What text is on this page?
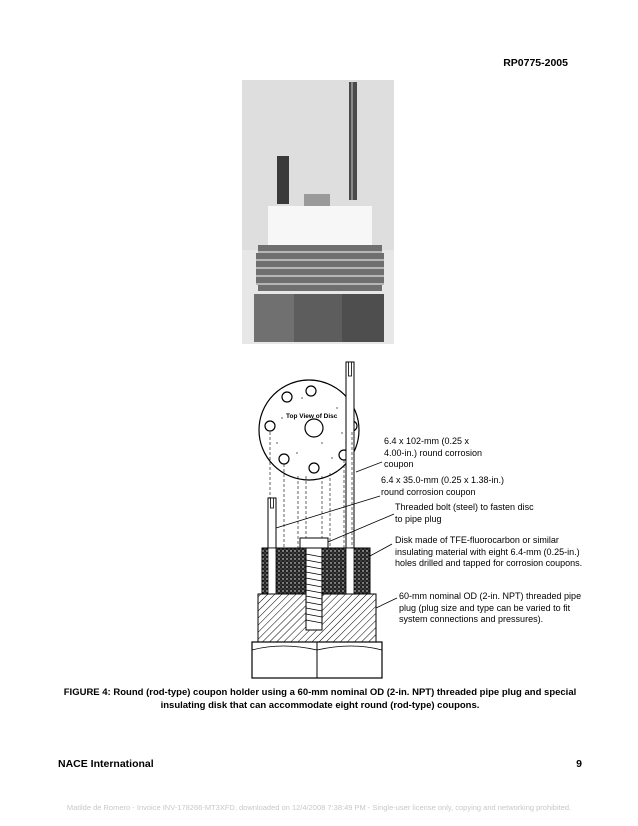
RP0775-2005
Top View of Disc
6.4 x 102-mm (0.25 x
4.00-in.) round corrosion
coupon
6.4 x 35.0-mm (0.25 x 1.38-in.)
round corrosion coupon
Threaded bolt (steel) to fasten disc
to pipe plug
Disk made of TFE-fluorocarbon or similar
insulating material with eight 6.4-mm (0.25-in.)
holes drilled and tapped for corrosion coupons.
60-mm nominal OD (2-in. NPT) threaded pipe
plug (plug size and type can be varied to fit
system connections and pressures).
FIGURE 4: Round (rod-type) coupon holder using a 60-mm nominal OD (2-in. NPT) threaded pipe plug and special insulating disk that can accommodate eight round (rod-type) coupons.
NACE International	9
Matilde de Romero - Invoice INV-178266-MT3XFD, downloaded on 12/4/2008 7:38:49 PM - Single-user license only, copying and networking prohibited.
